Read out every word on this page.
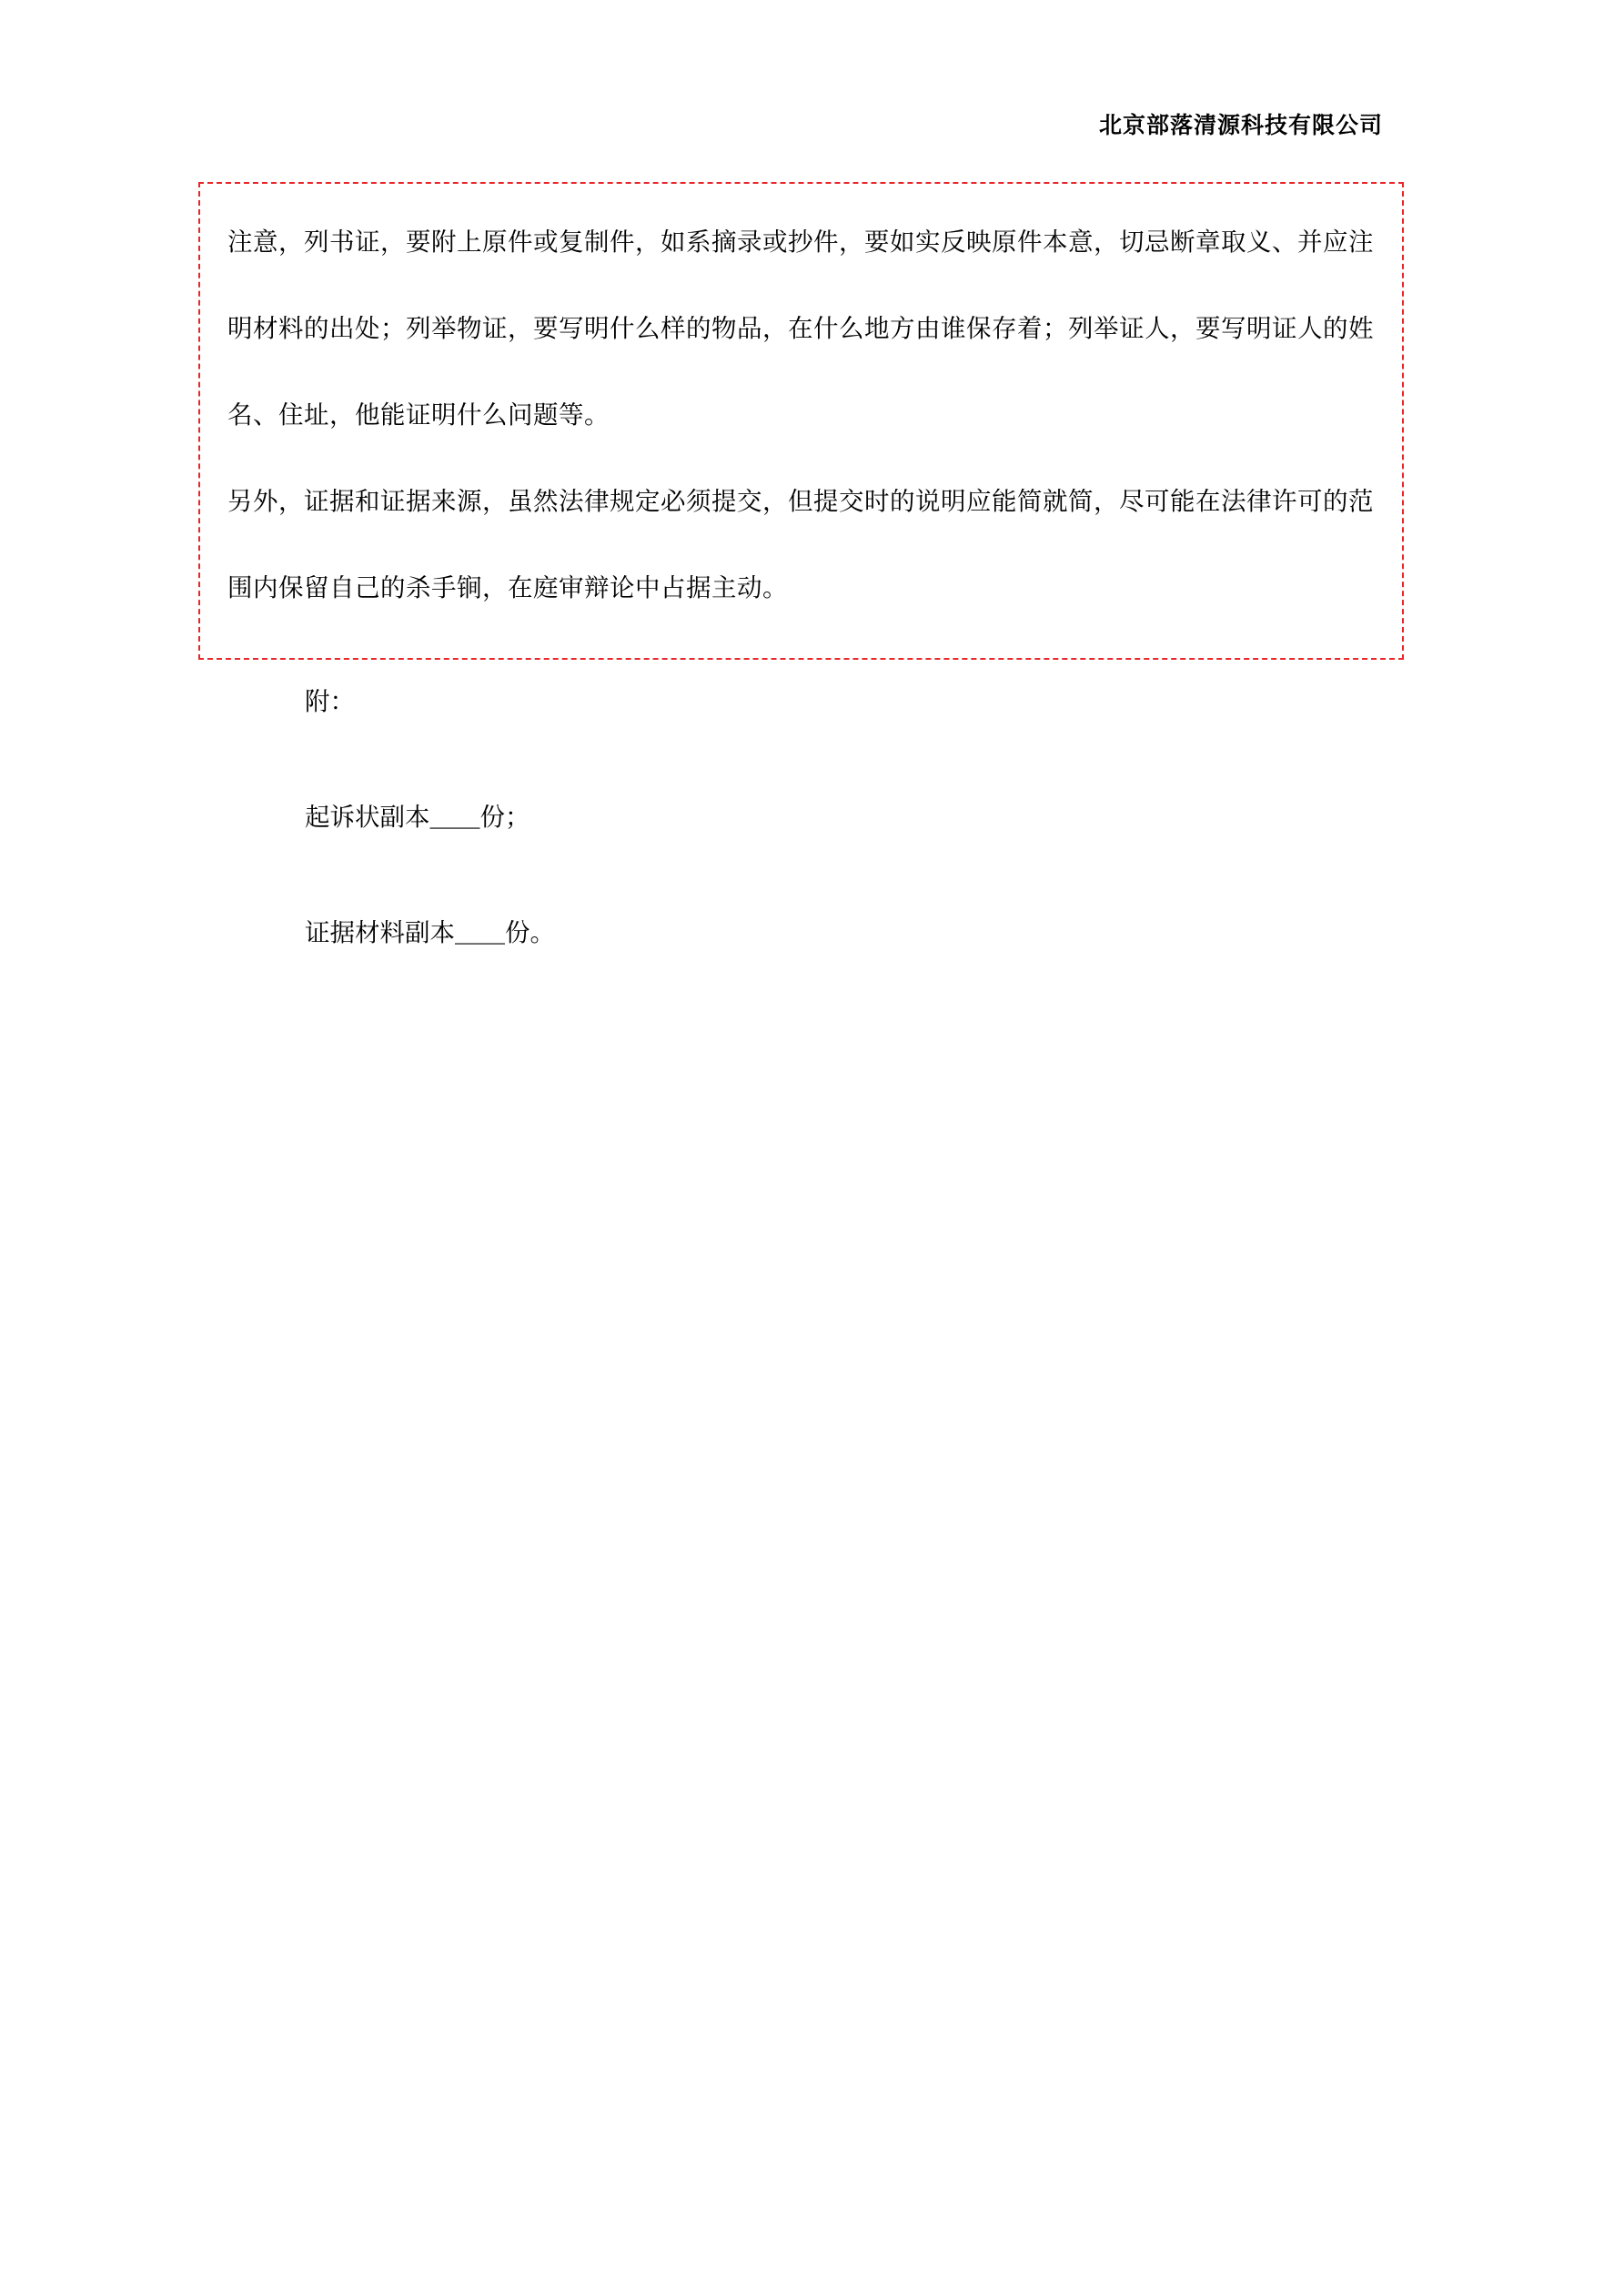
北京部落清源科技有限公司
注意，列书证，要附上原件或复制件，如系摘录或抄件，要如实反映原件本意，切忌断章取义、并应注明材料的出处；列举物证，要写明什么样的物品，在什么地方由谁保存着；列举证人，要写明证人的姓名、住址，他能证明什么问题等。
另外，证据和证据来源，虽然法律规定必须提交，但提交时的说明应能简就简，尽可能在法律许可的范围内保留自己的杀手锏，在庭审辩论中占据主动。
附：
起诉状副本＿＿份；
证据材料副本＿＿份。
